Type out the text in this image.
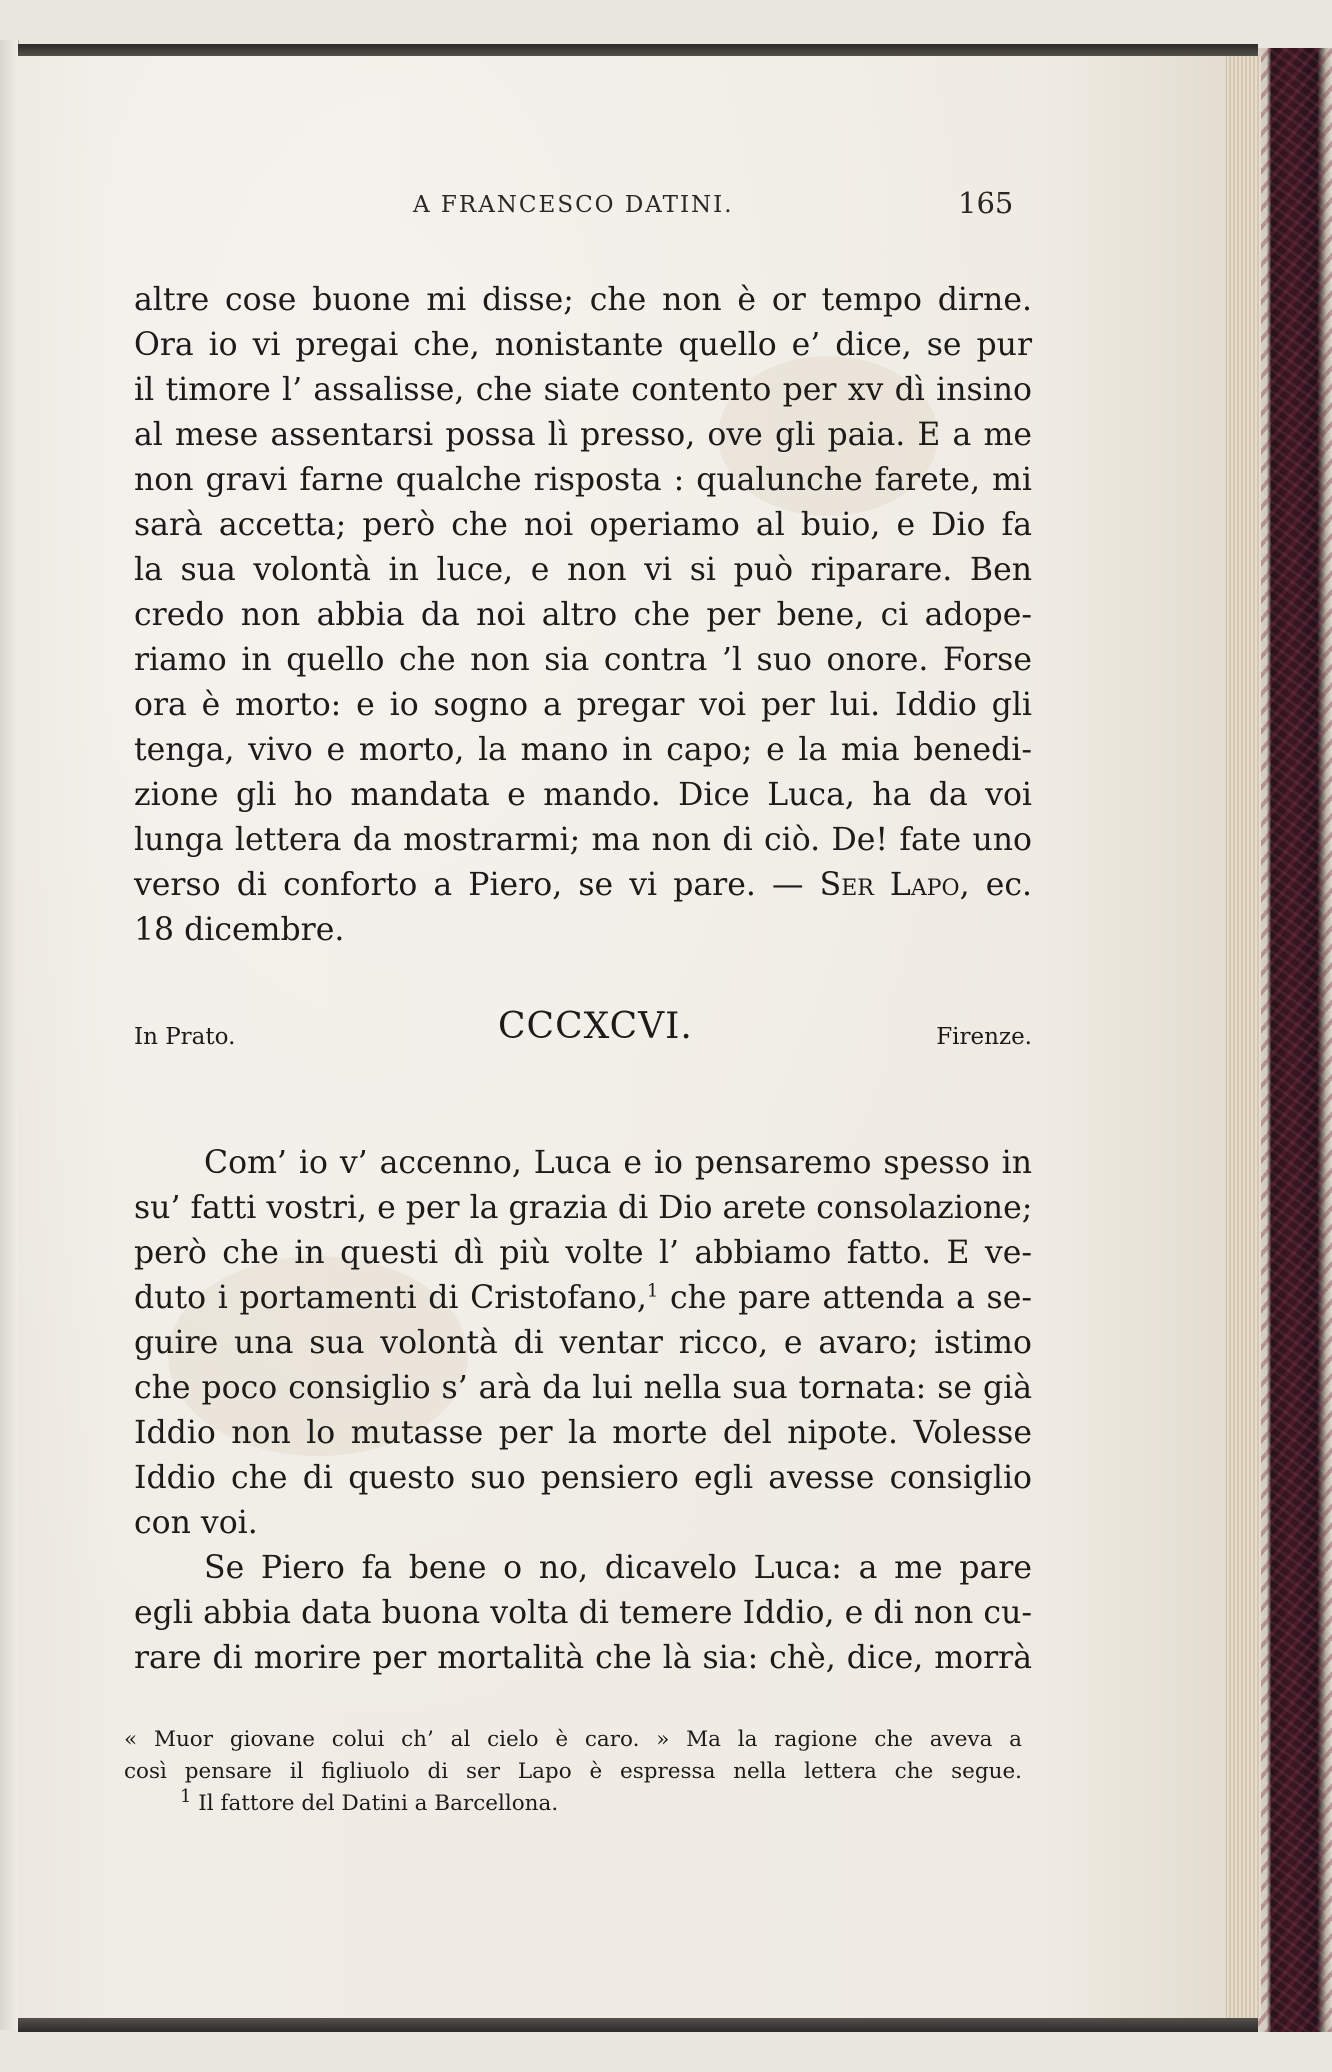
A FRANCESCO DATINI.	165
altre cose buone mi disse; che non è or tempo dirne.
Ora io vi pregai che, nonistante quello e’ dice, se pur
il timore l’ assalisse, che siate contento per xv dì insino
al mese assentarsi possa lì presso, ove gli paia. E a me
non gravi farne qualche risposta : qualunche farete, mi
sarà accetta; però che noi operiamo al buio, e Dio fa
la sua volontà in luce, e non vi si può riparare. Ben
credo non abbia da noi altro che per bene, ci adope-
riamo in quello che non sia contra ’l suo onore. Forse
ora è morto: e io sogno a pregar voi per lui. Iddio gli
tenga, vivo e morto, la mano in capo; e la mia benedi-
zione gli ho mandata e mando. Dice Luca, ha da voi
lunga lettera da mostrarmi; ma non di ciò. De! fate uno
verso di conforto a Piero, se vi pare. — Ser Lapo, ec.
18 dicembre.
In Prato.	CCCXCVI.	Firenze.
Com’ io v’ accenno, Luca e io pensaremo spesso in
su’ fatti vostri, e per la grazia di Dio arete consolazione;
però che in questi dì più volte l’ abbiamo fatto. E ve-
duto i portamenti di Cristofano,$^1$ che pare attenda a se-
guire una sua volontà di ventar ricco, e avaro; istimo
che poco consiglio s’ arà da lui nella sua tornata: se già
Iddio non lo mutasse per la morte del nipote. Volesse
Iddio che di questo suo pensiero egli avesse consiglio
con voi.
Se Piero fa bene o no, dicavelo Luca: a me pare
egli abbia data buona volta di temere Iddio, e di non cu-
rare di morire per mortalità che là sia: chè, dice, morrà
« Muor giovane colui ch’ al cielo è caro. » Ma la ragione che aveva a
così pensare il figliuolo di ser Lapo è espressa nella lettera che segue.
$^1$ Il fattore del Datini a Barcellona.
